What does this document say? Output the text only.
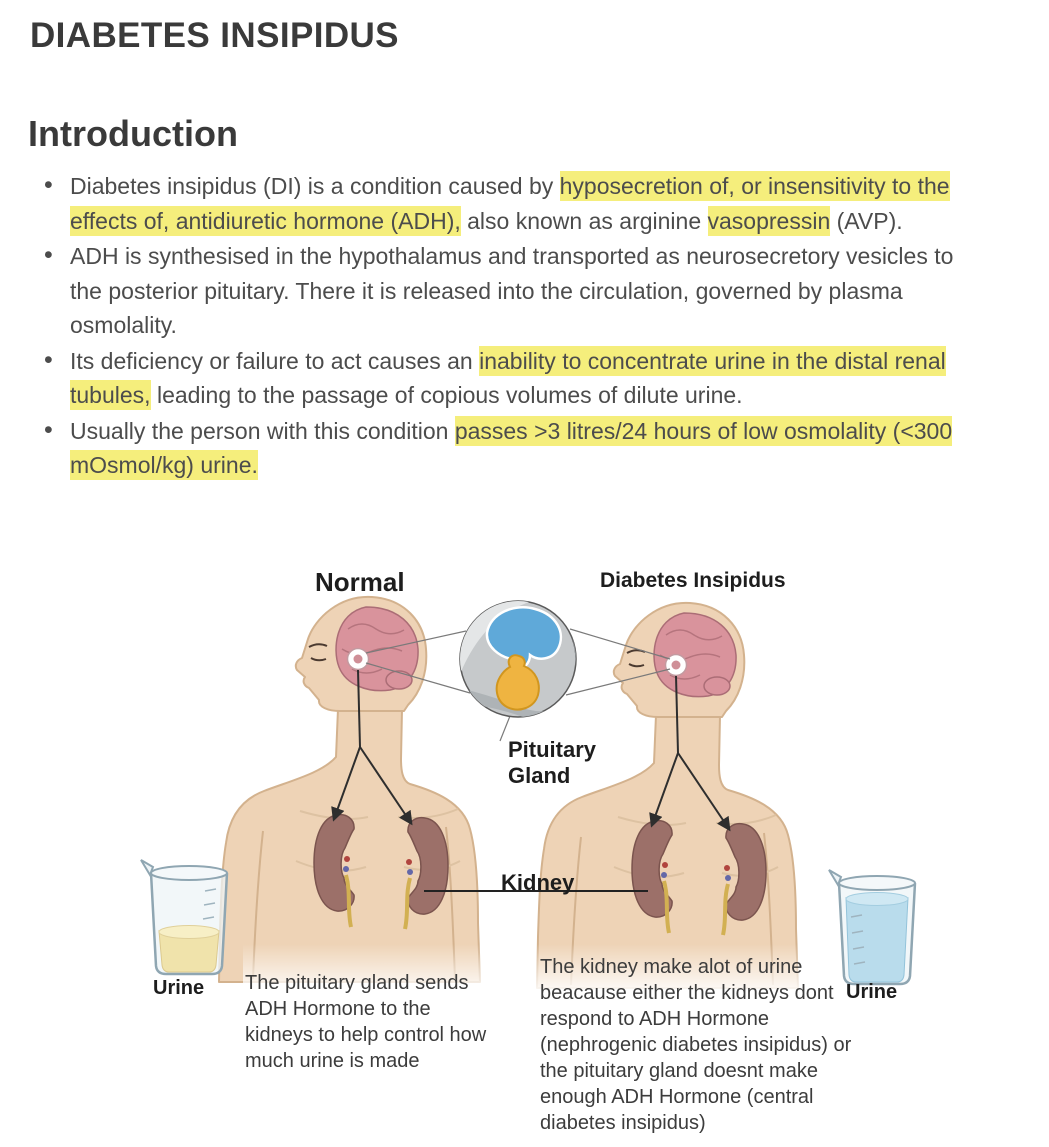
DIABETES INSIPIDUS
Introduction
• Diabetes insipidus (DI) is a condition caused by hyposecretion of, or insensitivity to the effects of, antidiuretic hormone (ADH), also known as arginine vasopressin (AVP).
• ADH is synthesised in the hypothalamus and transported as neurosecretory vesicles to the posterior pituitary. There it is released into the circulation, governed by plasma osmolality.
• Its deficiency or failure to act causes an inability to concentrate urine in the distal renal tubules, leading to the passage of copious volumes of dilute urine.
• Usually the person with this condition passes >3 litres/24 hours of low osmolality (<300 mOsmol/kg) urine.
Normal	Diabetes Insipidus
Pituitary Gland
Kidney
Urine	Urine
The pituitary gland sends ADH Hormone to the kidneys to help control how much urine is made
The kidney make alot of urine beacause either the kidneys dont respond to ADH Hormone (nephrogenic diabetes insipidus) or the pituitary gland doesnt make enough ADH Hormone (central diabetes insipidus)
